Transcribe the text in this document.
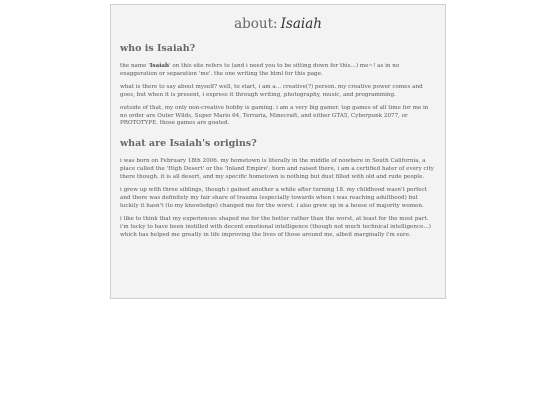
about: Isaiah
who is Isaiah?

the name 'Isaiah' on this site refers to (and i need you to be sitting down for this...) me~! as in no exaggeration or separation 'me'. the one writing the html for this page.

what is there to say about myself? well, to start, i am a... creative(?) person. my creative power comes and goes, but when it is present, i express it through writing, photography, music, and programming.

outside of that, my only non-creative hobby is gaming. i am a very big gamer. top games of all time for me in no order are Outer Wilds, Super Mario 64, Terraria, Minecraft, and either GTA5, Cyberpunk 2077, or PROTOTYPE. those games are goated.

what are Isaiah's origins?

i was born on February 18th 2006. my hometown is literally in the middle of nowhere in South California, a place called the 'High Desert' or the 'Inland Empire'. born and raised there, i am a certified hater of every city there though. it is all desert, and my specific hometown is nothing but dust filled with old and rude people.

i grew up with three siblings, though i gained another a while after turning 18. my childhood wasn't perfect and there was definitely my fair share of trauma (especially towards when i was reaching adulthood) but luckily it hasn't (to my knowledge) changed me for the worst. i also grew up in a house of majority women.

i like to think that my experiences shaped me for the better rather than the worst, at least for the most part. i'm lucky to have been instilled with decent emotional intelligence (though not much technical intelligence...) which has helped me greatly in life improving the lives of those around me, albeit marginally i'm sure.
